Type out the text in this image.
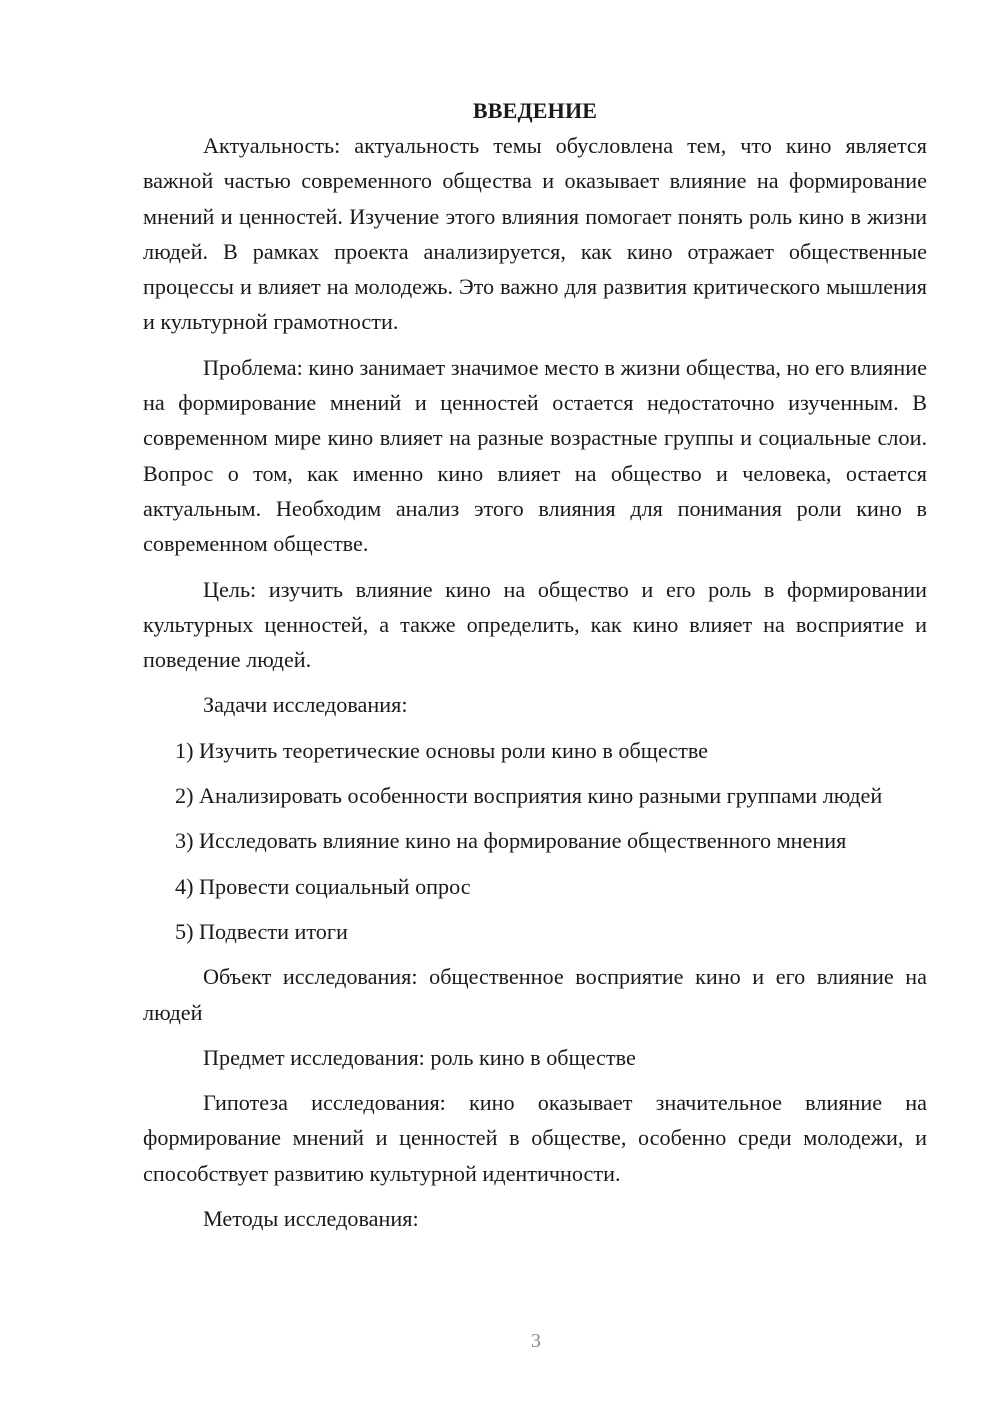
ВВЕДЕНИЕ

Актуальность: актуальность темы обусловлена тем, что кино является важной частью современного общества и оказывает влияние на формирование мнений и ценностей. Изучение этого влияния помогает понять роль кино в жизни людей. В рамках проекта анализируется, как кино отражает общественные процессы и влияет на молодежь. Это важно для развития критического мышления и культурной грамотности.

Проблема: кино занимает значимое место в жизни общества, но его влияние на формирование мнений и ценностей остается недостаточно изученным. В современном мире кино влияет на разные возрастные группы и социальные слои. Вопрос о том, как именно кино влияет на общество и человека, остается актуальным. Необходим анализ этого влияния для понимания роли кино в современном обществе.

Цель: изучить влияние кино на общество и его роль в формировании культурных ценностей, а также определить, как кино влияет на восприятие и поведение людей.

Задачи исследования:

1) Изучить теоретические основы роли кино в обществе

2) Анализировать особенности восприятия кино разными группами людей

3) Исследовать влияние кино на формирование общественного мнения

4) Провести социальный опрос

5) Подвести итоги

Объект исследования: общественное восприятие кино и его влияние на людей

Предмет исследования: роль кино в обществе

Гипотеза исследования: кино оказывает значительное влияние на формирование мнений и ценностей в обществе, особенно среди молодежи, и способствует развитию культурной идентичности.

Методы исследования:

3
